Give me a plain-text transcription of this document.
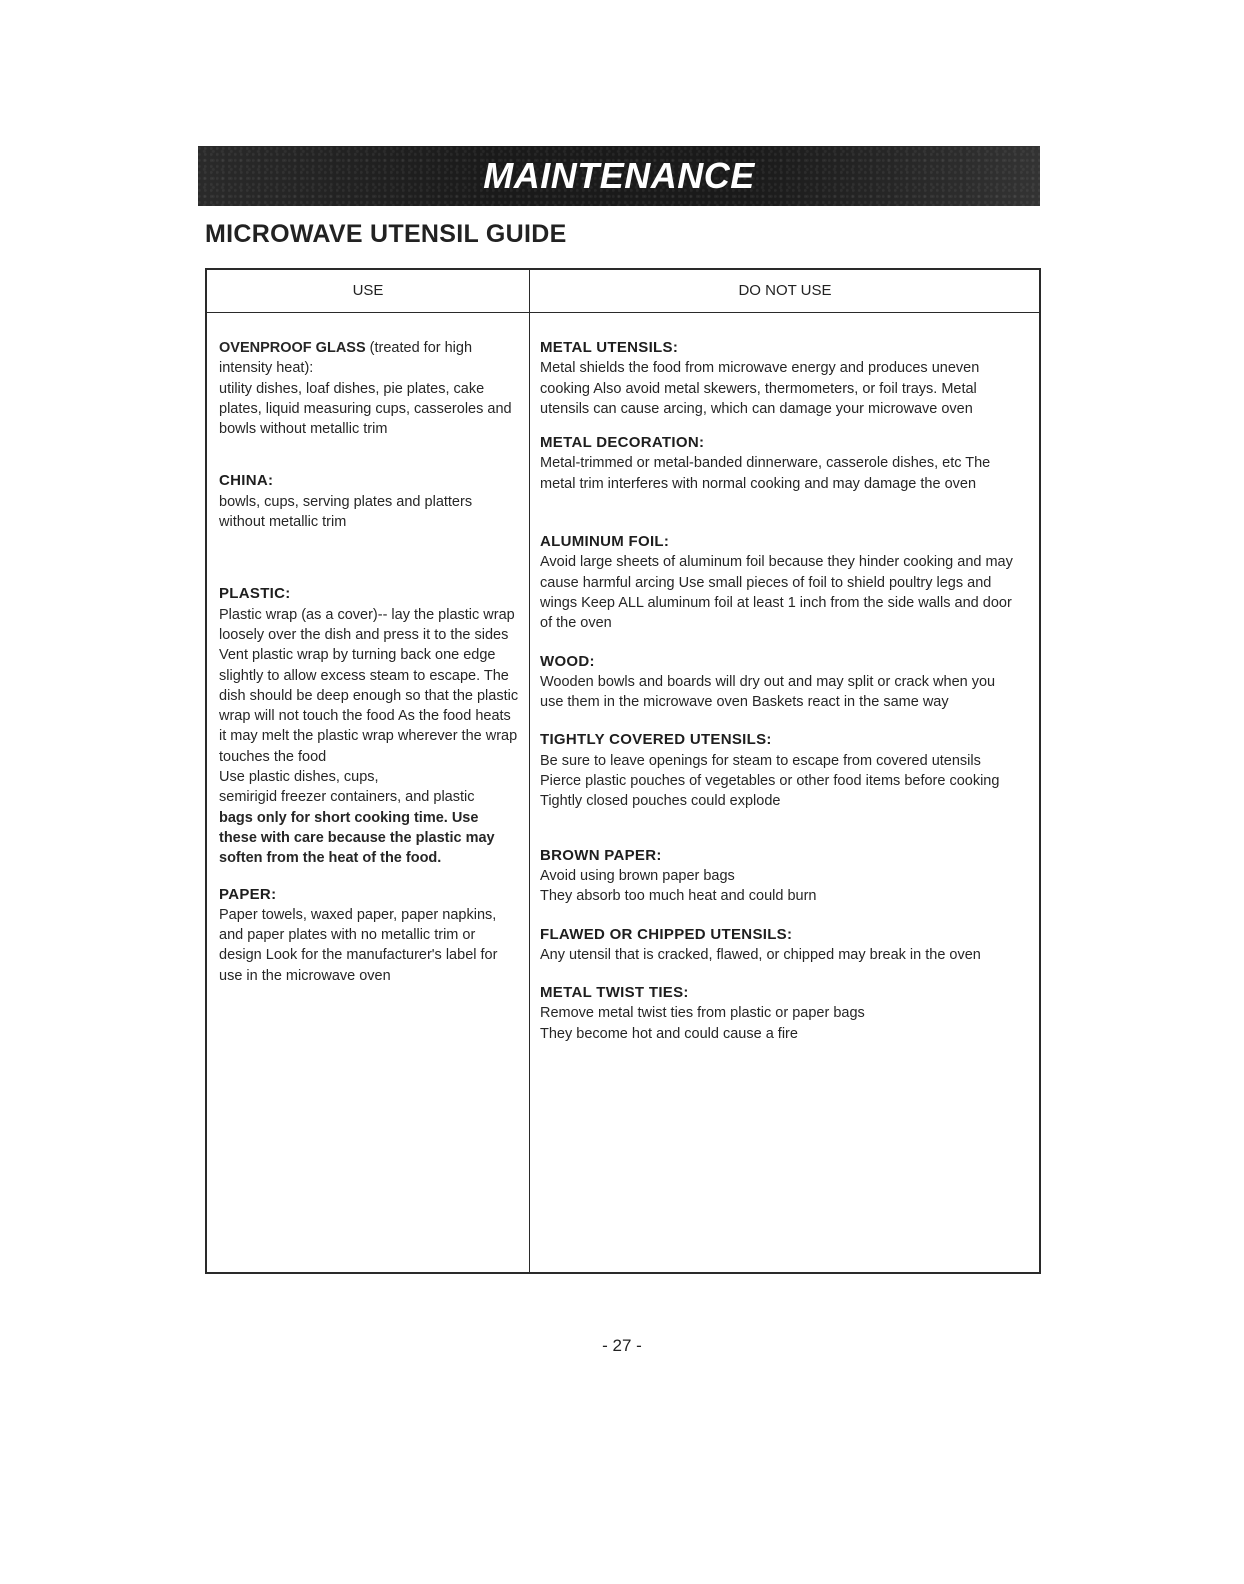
MAINTENANCE
MICROWAVE UTENSIL GUIDE
USE	DO NOT USE

OVENPROOF GLASS (treated for high intensity heat):

utility dishes, loaf dishes, pie plates, cake plates, liquid measuring cups, casseroles and bowls without metallic trim

CHINA:

bowls, cups, serving plates and platters without metallic trim

PLASTIC:

Plastic wrap (as a cover)-- lay the plastic wrap loosely over the dish and press it to the sides

Vent plastic wrap by turning back one edge slightly to allow excess steam to escape. The dish should be deep enough so that the plastic wrap will not touch the food As the food heats it may melt the plastic wrap wherever the wrap touches the food

Use plastic dishes, cups,

semirigid freezer containers, and plastic

bags only for short cooking time. Use these with care because the plastic may soften from the heat of the food.

PAPER:

Paper towels, waxed paper, paper napkins, and paper plates with no metallic trim or design Look for the manufacturer's label for use in the microwave oven

METAL UTENSILS:

Metal shields the food from microwave energy and produces uneven cooking Also avoid metal skewers, thermometers, or foil trays. Metal utensils can cause arcing, which can damage your microwave oven

METAL DECORATION:

Metal-trimmed or metal-banded dinnerware, casserole dishes, etc The metal trim interferes with normal cooking and may damage the oven

ALUMINUM FOIL:

Avoid large sheets of aluminum foil because they hinder cooking and may cause harmful arcing Use small pieces of foil to shield poultry legs and wings Keep ALL aluminum foil at least 1 inch from the side walls and door of the oven

WOOD:

Wooden bowls and boards will dry out and may split or crack when you use them in the microwave oven Baskets react in the same way

TIGHTLY COVERED UTENSILS:

Be sure to leave openings for steam to escape from covered utensils Pierce plastic pouches of vegetables or other food items before cooking Tightly closed pouches could explode

BROWN PAPER:

Avoid using brown paper bags

They absorb too much heat and could burn

FLAWED OR CHIPPED UTENSILS:

Any utensil that is cracked, flawed, or chipped may break in the oven

METAL TWIST TIES:

Remove metal twist ties from plastic or paper bags

They become hot and could cause a fire

- 27 -
